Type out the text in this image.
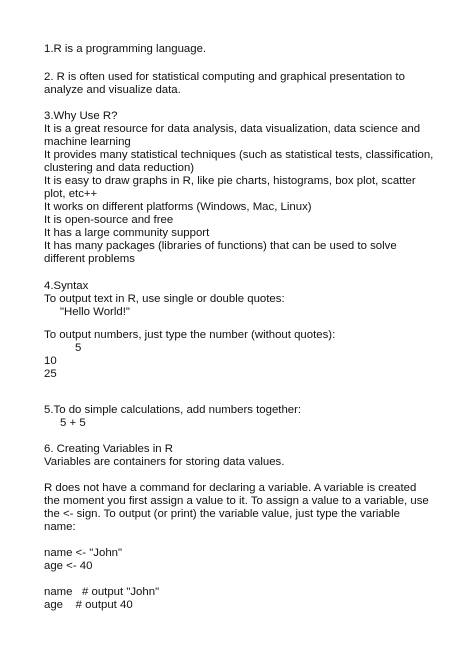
1.R is a programming language.

2. R is often used for statistical computing and graphical presentation to

analyze and visualize data.

3.Why Use R?

It is a great resource for data analysis, data visualization, data science and

machine learning

It provides many statistical techniques (such as statistical tests, classification,

clustering and data reduction)

It is easy to draw graphs in R, like pie charts, histograms, box plot, scatter

plot, etc++

It works on different platforms (Windows, Mac, Linux)

It is open-source and free

It has a large community support

It has many packages (libraries of functions) that can be used to solve

different problems

4.Syntax

To output text in R, use single or double quotes:

"Hello World!"

To output numbers, just type the number (without quotes):

5

10

25

5.To do simple calculations, add numbers together:

5 + 5

6. Creating Variables in R

Variables are containers for storing data values.

R does not have a command for declaring a variable. A variable is created

the moment you first assign a value to it. To assign a value to a variable, use

the <- sign. To output (or print) the variable value, just type the variable

name:

name <- "John"

age <- 40

name   # output "John"

age    # output 40
